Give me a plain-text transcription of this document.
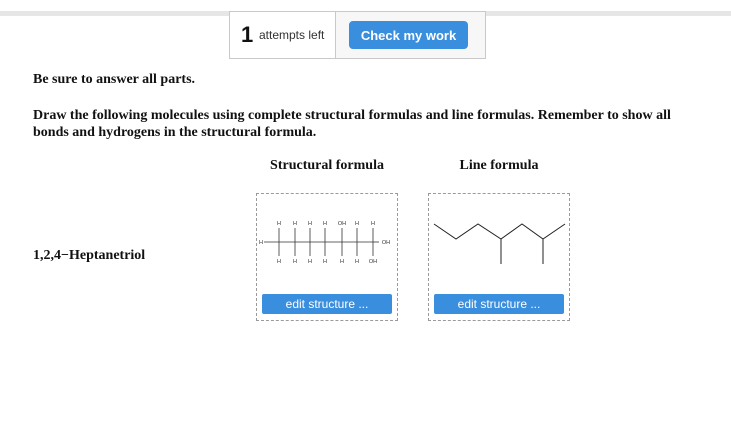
1 attempts left	Check my work
Be sure to answer all parts.
Draw the following molecules using complete structural formulas and line formulas. Remember to show all bonds and hydrogens in the structural formula.
Structural formula	Line formula
1,2,4−Heptanetriol
H H H H OH H H
H H H H H H OH
H	OH
edit structure ...	edit structure ...
